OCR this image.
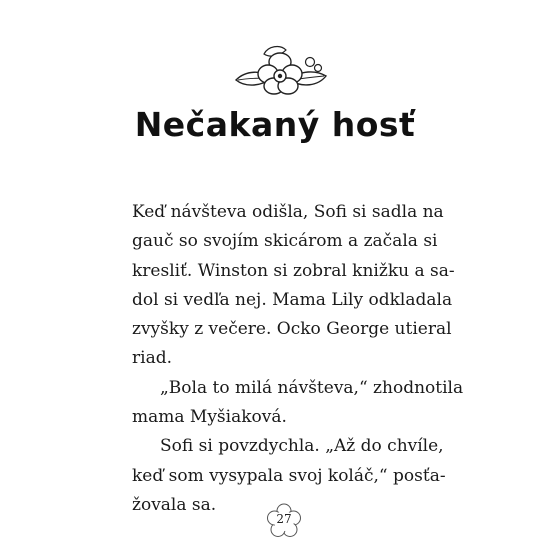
Nečakaný hosť
Keď návšteva odišla, Sofi si sadla na
gauč so svojím skicárom a začala si
kresliť. Winston si zobral knižku a sa-
dol si vedľa nej. Mama Lily odkladala
zvyšky z večere. Ocko George utieral
riad.
„Bola to milá návšteva,“ zhodnotila
mama Myšiaková.
Sofi si povzdychla. „Až do chvíle,
keď som vysypala svoj koláč,“ posťa-
žovala sa.
27
